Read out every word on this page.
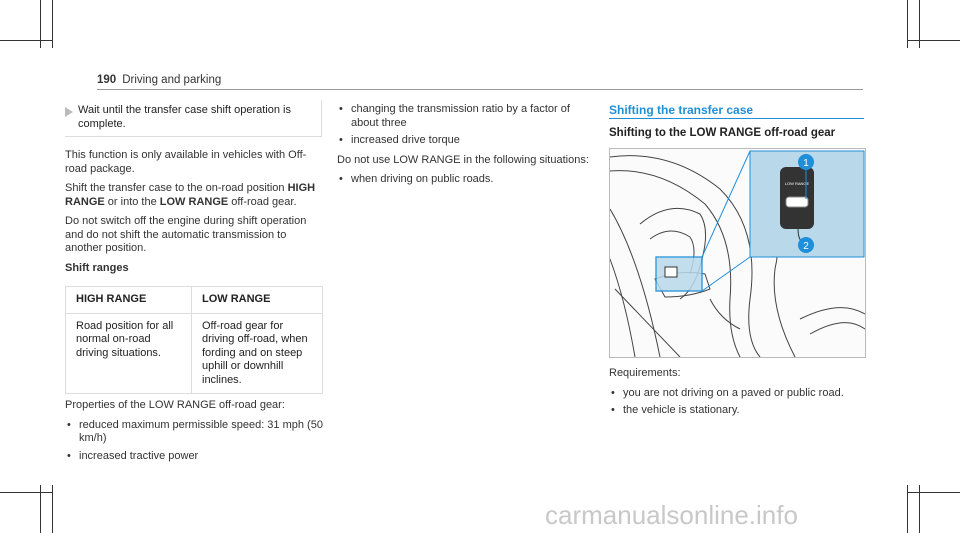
190 Driving and parking
Wait until the transfer case shift operation is complete.

This function is only available in vehicles with Off-road package.

Shift the transfer case to the on-road position HIGH RANGE or into the LOW RANGE off-road gear.

Do not switch off the engine during shift operation and do not shift the automatic transmission to another position.

Shift ranges

HIGH RANGE	LOW RANGE
Road position for all normal on-road driving situations.	Off-road gear for driving off-road, when fording and on steep uphill or downhill inclines.

Properties of the LOW RANGE off-road gear:

• reduced maximum permissible speed: 31 mph (50 km/h)
• increased tractive power
• changing the transmission ratio by a factor of about three
• increased drive torque

Do not use LOW RANGE in the following situations:

• when driving on public roads.
Shifting the transfer case
Shifting to the LOW RANGE off-road gear
LOW RANGE
1
2

Requirements:

• you are not driving on a paved or public road.
• the vehicle is stationary.
carmanualsonline.info
